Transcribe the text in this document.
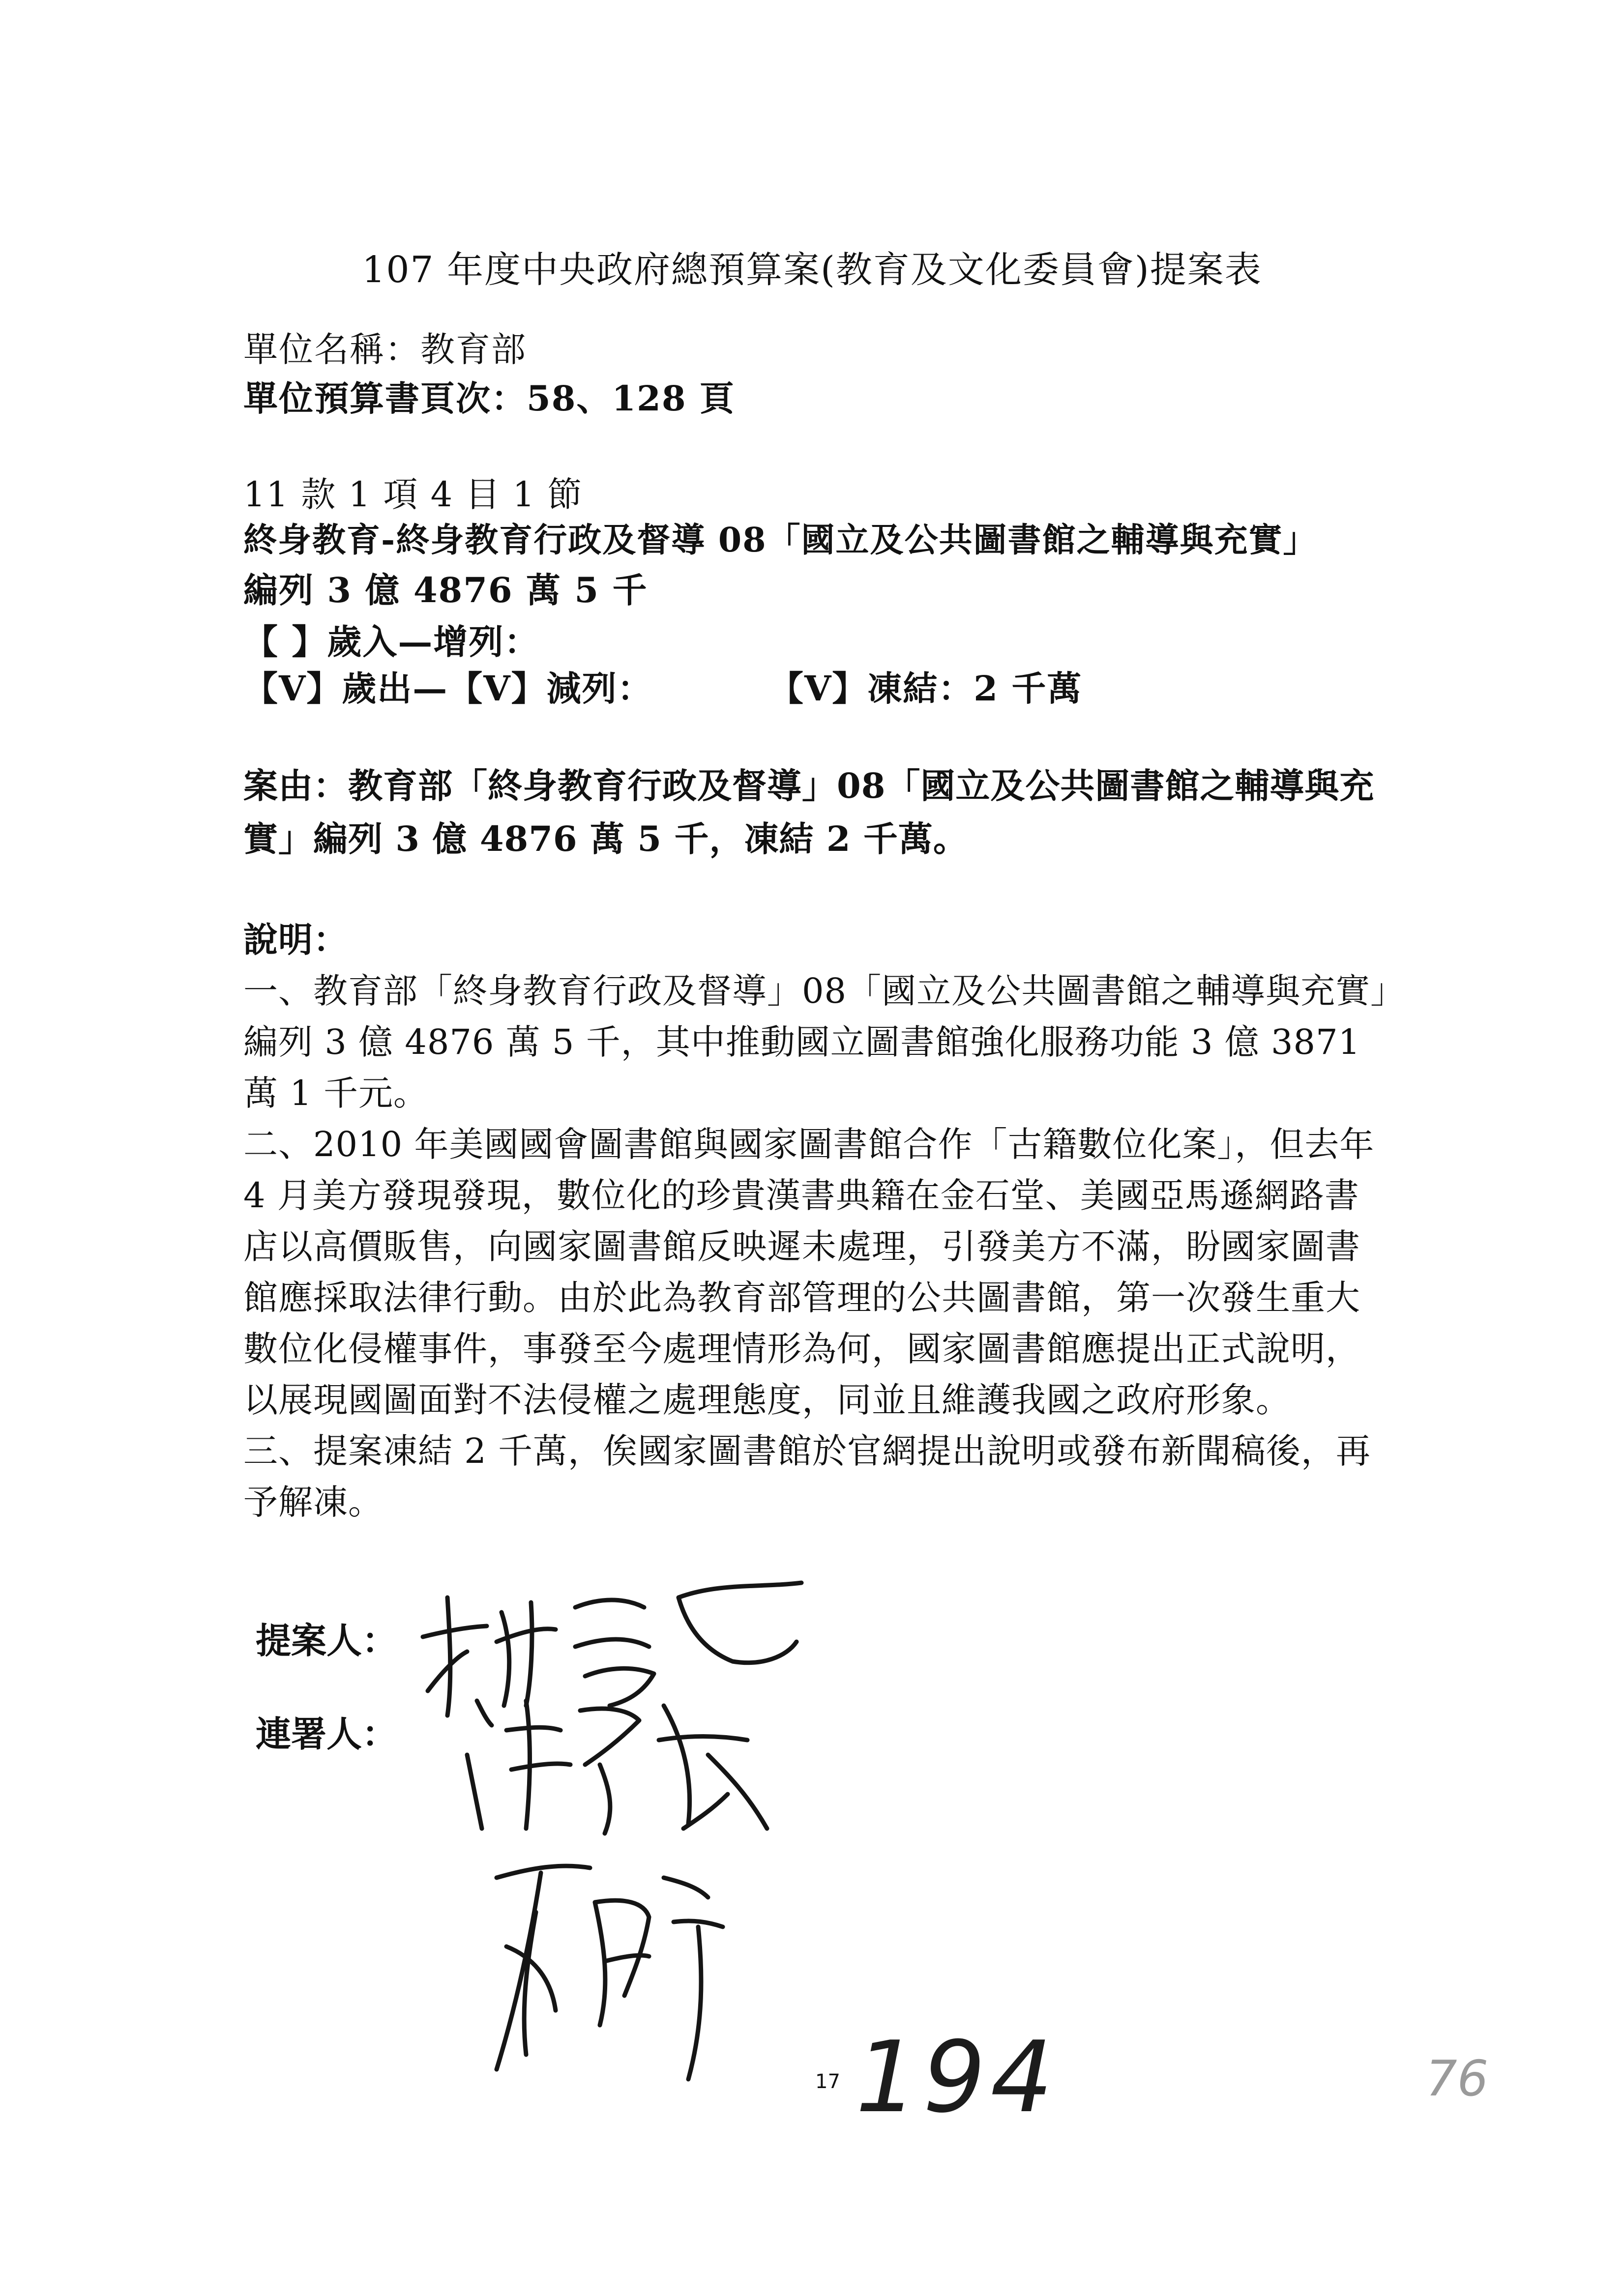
107 年度中央政府總預算案(教育及文化委員會)提案表
單位名稱：教育部
單位預算書頁次：58、128 頁
11 款 1 項 4 目 1 節
終身教育-終身教育行政及督導 08「國立及公共圖書館之輔導與充實」
編列 3 億 4876 萬 5 千
【 】歲入—增列：
【V】歲出—【V】減列：	【V】凍結：2 千萬
案由：教育部「終身教育行政及督導」08「國立及公共圖書館之輔導與充實」編列 3 億 4876 萬 5 千，凍結 2 千萬。

說明：

一、教育部「終身教育行政及督導」08「國立及公共圖書館之輔導與充實」編列 3 億 4876 萬 5 千，其中推動國立圖書館強化服務功能 3 億 3871 萬 1 千元。

二、2010 年美國國會圖書館與國家圖書館合作「古籍數位化案」，但去年 4 月美方發現發現，數位化的珍貴漢書典籍在金石堂、美國亞馬遜網路書店以高價販售，向國家圖書館反映遲未處理，引發美方不滿，盼國家圖書館應採取法律行動。由於此為教育部管理的公共圖書館，第一次發生重大數位化侵權事件，事發至今處理情形為何，國家圖書館應提出正式說明，以展現國圖面對不法侵權之處理態度，同並且維護我國之政府形象。

三、提案凍結 2 千萬，俟國家圖書館於官網提出說明或發布新聞稿後，再予解凍。

提案人：
連署人：
17 194	76
